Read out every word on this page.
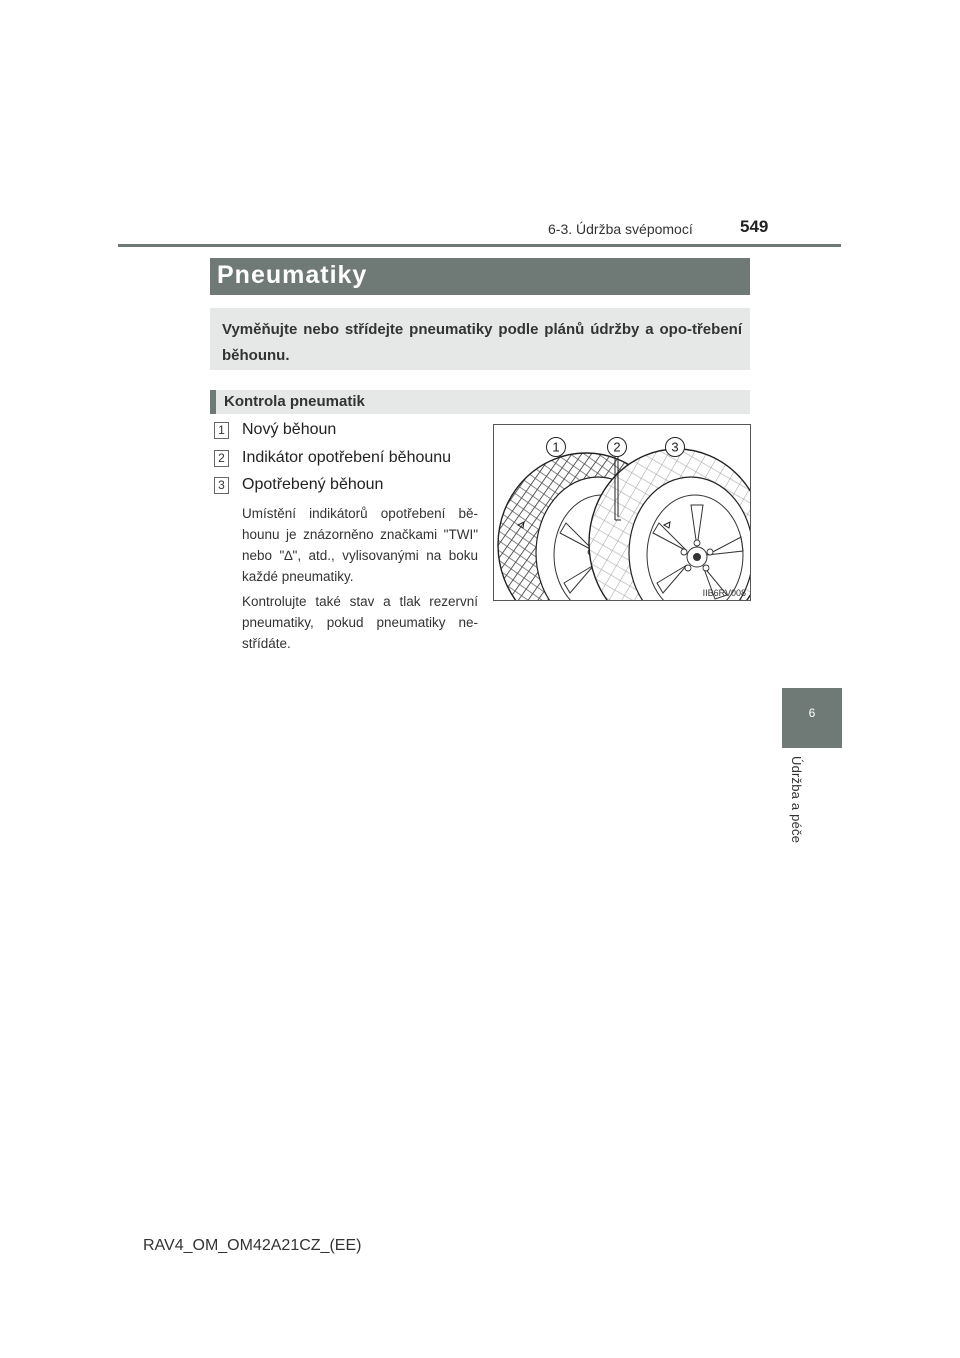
6-3. Údržba svépomocí	549
6
Údržba a péče
Pneumatiky
Vyměňujte nebo střídejte pneumatiky podle plánů údržby a opo-třebení běhounu.
Kontrola pneumatik
1 Nový běhoun
2 Indikátor opotřebení běhounu
3 Opotřebený běhoun
Umístění indikátorů opotřebení bě-hounu je znázorněno značkami "TWI" nebo "∆", atd., vylisovanými na boku každé pneumatiky.
Kontrolujte také stav a tlak rezervní pneumatiky, pokud pneumatiky ne-střídáte.
1	2	3
IIB6RV008
RAV4_OM_OM42A21CZ_(EE)
